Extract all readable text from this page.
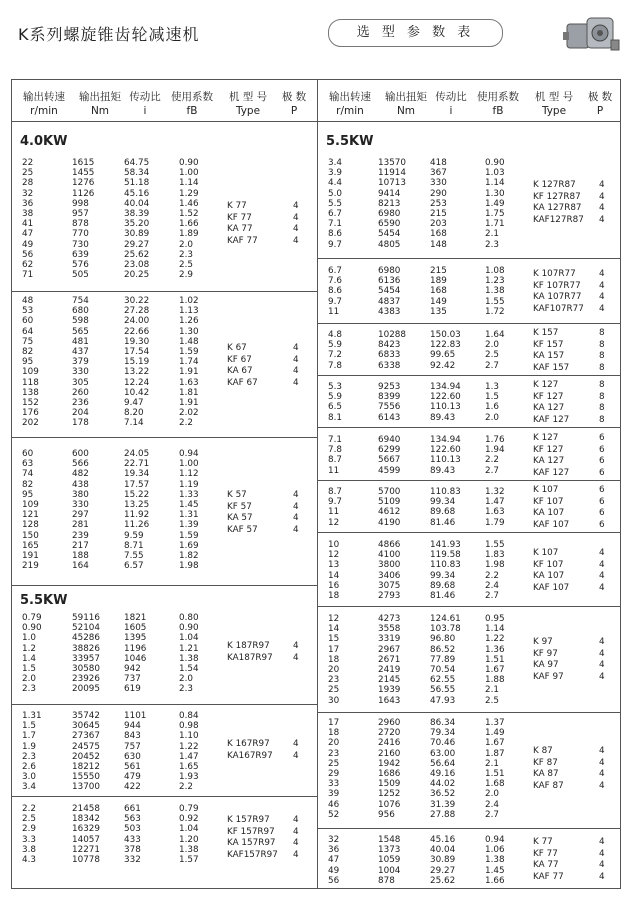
K系列螺旋锥齿轮减速机	选 型 参 数 表
输出转速	输出扭矩 传动比 使用系数	机 型 号	极 数
r/min	Nm	i	fB	Type	P
输出转速	输出扭矩 传动比 使用系数	机 型 号	极 数
r/min	Nm	i	fB	Type	P
4.0KW
5.5KW
5.5KW
22	1615	64.75	0.90
25	1455	58.34	1.00
28	1276	51.18	1.14
32	1126	45.16	1.29
36	998	40.04	1.46
38	957	38.39	1.52
41	878	35.20	1.66
47	770	30.89	1.89
49	730	29.27	2.0
56	639	25.62	2.3
62	576	23.08	2.5
71	505	20.25	2.9
K 77	4
KF 77	4
KA 77	4
KAF 77	4
48	754	30.22	1.02
53	680	27.28	1.13
60	598	24.00	1.26
64	565	22.66	1.30
75	481	19.30	1.48
82	437	17.54	1.59
95	379	15.19	1.74
109	330	13.22	1.91
118	305	12.24	1.63
138	260	10.42	1.81
152	236	9.47	1.91
176	204	8.20	2.02
202	178	7.14	2.2
K 67	4
KF 67	4
KA 67	4
KAF 67	4
60	600	24.05	0.94
63	566	22.71	1.00
74	482	19.34	1.12
82	438	17.57	1.19
95	380	15.22	1.33
109	330	13.25	1.45
121	297	11.92	1.31
128	281	11.26	1.39
150	239	9.59	1.59
165	217	8.71	1.69
191	188	7.55	1.82
219	164	6.57	1.98
K 57	4
KF 57	4
KA 57	4
KAF 57	4
0.79	59116	1821	0.80
0.90	52104	1605	0.90
1.0	45286	1395	1.04
1.2	38826	1196	1.21
1.4	33957	1046	1.38
1.5	30580	942	1.54
2.0	23926	737	2.0
2.3	20095	619	2.3
K 187R97	4
KA187R97 4
1.31	35742	1101	0.84
1.5	30645	944	0.98
1.7	27367	843	1.10
1.9	24575	757	1.22
2.3	20452	630	1.47
2.6	18212	561	1.65
3.0	15550	479	1.93
3.4	13700	422	2.2
K 167R97	4
KA167R97 4
2.2	21458	661	0.79
2.5	18342	563	0.92
2.9	16329	503	1.04
3.3	14057	433	1.20
3.8	12271	378	1.38
4.3	10778	332	1.57
K 157R97	4
KF 157R97 4
KA 157R97 4
KAF157R97 4
3.4	13570	418	0.90
3.9	11914	367	1.03
4.4	10713	330	1.14
5.0	9414	290	1.30
5.5	8213	253	1.49
6.7	6980	215	1.75
7.1	6590	203	1.71
8.6	5454	168	2.1
9.7	4805	148	2.3
K 127R87	4
KF 127R87 4
KA 127R87 4
KAF127R87 4
6.7	6980	215	1.08
7.6	6136	189	1.23
8.6	5454	168	1.38
9.7	4837	149	1.55
11	4383	135	1.72
K 107R77	4
KF 107R77 4
KA 107R77 4
KAF107R77 4
4.8	10288	150.03	1.64
5.9	8423	122.83	2.0
7.2	6833	99.65	2.5
7.8	6338	92.42	2.7
K 157	8
KF 157	8
KA 157	8
KAF 157	8
5.3	9253	134.94	1.3
5.9	8399	122.60	1.5
6.5	7556	110.13	1.6
8.1	6143	89.43	2.0
K 127	8
KF 127	8
KA 127	8
KAF 127	8
7.1	6940	134.94	1.76
7.8	6299	122.60	1.94
8.7	5667	110.13	2.2
11	4599	89.43	2.7
K 127	6
KF 127	6
KA 127	6
KAF 127	6
8.7	5700	110.83	1.32
9.7	5109	99.34	1.47
11	4612	89.68	1.63
12	4190	81.46	1.79
K 107	6
KF 107	6
KA 107	6
KAF 107	6
10	4866	141.93	1.55
12	4100	119.58	1.83
13	3800	110.83	1.98
14	3406	99.34	2.2
16	3075	89.68	2.4
18	2793	81.46	2.7
K 107	4
KF 107	4
KA 107	4
KAF 107	4
12	4273	124.61	0.95
14	3558	103.78	1.14
15	3319	96.80	1.22
17	2967	86.52	1.36
18	2671	77.89	1.51
20	2419	70.54	1.67
23	2145	62.55	1.88
25	1939	56.55	2.1
30	1643	47.93	2.5
K 97	4
KF 97	4
KA 97	4
KAF 97	4
17	2960	86.34	1.37
18	2720	79.34	1.49
20	2416	70.46	1.67
23	2160	63.00	1.87
25	1942	56.64	2.1
29	1686	49.16	1.51
33	1509	44.02	1.68
39	1252	36.52	2.0
46	1076	31.39	2.4
52	956	27.88	2.7
K 87	4
KF 87	4
KA 87	4
KAF 87	4
32	1548	45.16	0.94
36	1373	40.04	1.06
47	1059	30.89	1.38
49	1004	29.27	1.45
56	878	25.62	1.66
K 77	4
KF 77	4
KA 77	4
KAF 77	4
